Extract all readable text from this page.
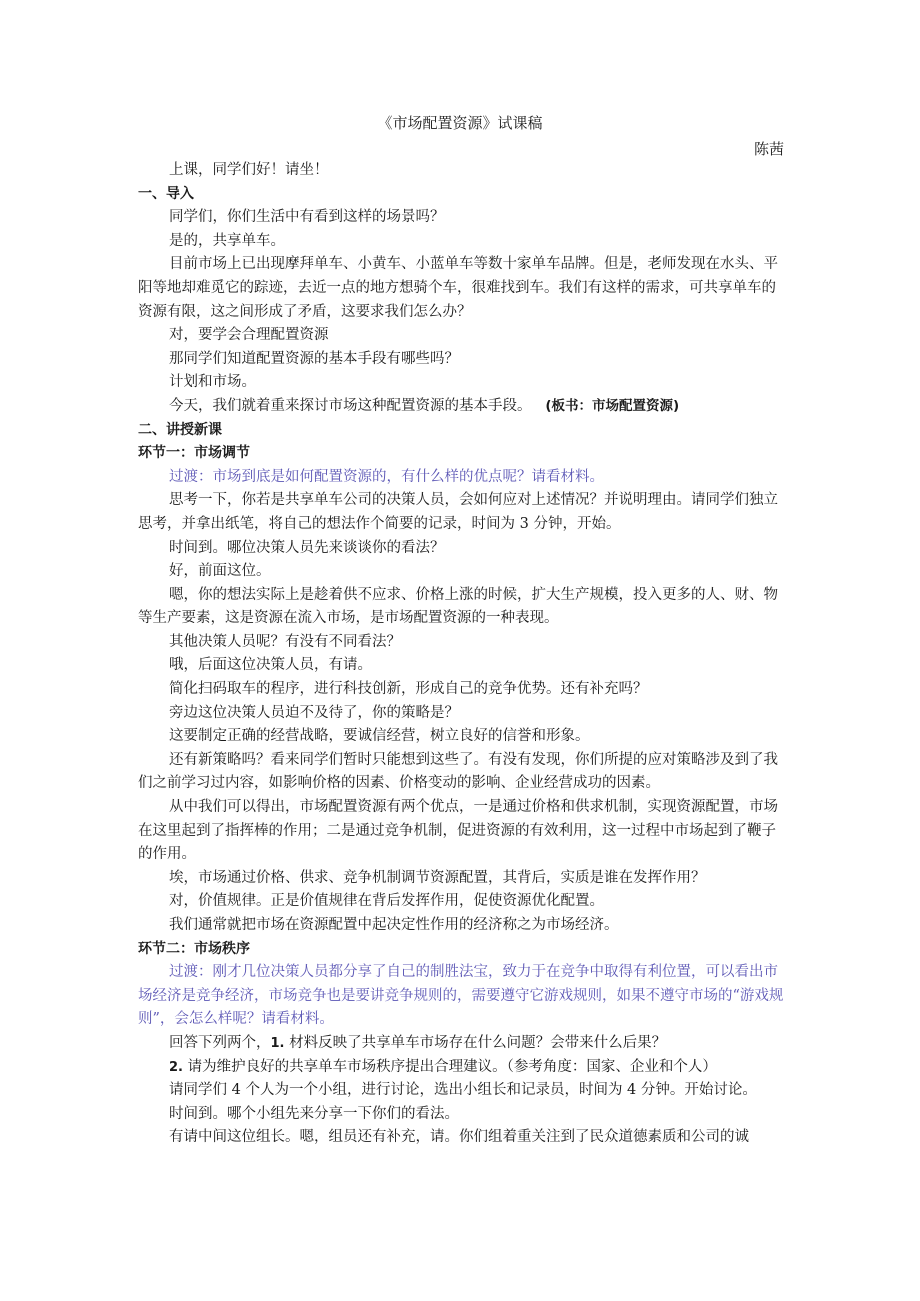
《市场配置资源》试课稿
陈茜

上课，同学们好！请坐！

一、导入

同学们，你们生活中有看到这样的场景吗？

是的，共享单车。

目前市场上已出现摩拜单车、小黄车、小蓝单车等数十家单车品牌。但是，老师发现在水头、平阳等地却难觅它的踪迹，去近一点的地方想骑个车，很难找到车。我们有这样的需求，可共享单车的资源有限，这之间形成了矛盾，这要求我们怎么办？

对，要学会合理配置资源

那同学们知道配置资源的基本手段有哪些吗？

计划和市场。

今天，我们就着重来探讨市场这种配置资源的基本手段。 (板书：市场配置资源)

二、讲授新课

环节一：市场调节

过渡：市场到底是如何配置资源的，有什么样的优点呢？请看材料。

思考一下，你若是共享单车公司的决策人员，会如何应对上述情况？并说明理由。请同学们独立思考，并拿出纸笔，将自己的想法作个简要的记录，时间为 3 分钟，开始。

时间到。哪位决策人员先来谈谈你的看法？

好，前面这位。

嗯，你的想法实际上是趁着供不应求、价格上涨的时候，扩大生产规模，投入更多的人、财、物等生产要素，这是资源在流入市场，是市场配置资源的一种表现。

其他决策人员呢？有没有不同看法？

哦，后面这位决策人员，有请。

简化扫码取车的程序，进行科技创新，形成自己的竞争优势。还有补充吗？

旁边这位决策人员迫不及待了，你的策略是？

这要制定正确的经营战略，要诚信经营，树立良好的信誉和形象。

还有新策略吗？看来同学们暂时只能想到这些了。有没有发现，你们所提的应对策略涉及到了我们之前学习过内容，如影响价格的因素、价格变动的影响、企业经营成功的因素。

从中我们可以得出，市场配置资源有两个优点，一是通过价格和供求机制，实现资源配置，市场在这里起到了指挥棒的作用；二是通过竞争机制，促进资源的有效利用，这一过程中市场起到了鞭子的作用。

埃，市场通过价格、供求、竞争机制调节资源配置，其背后，实质是谁在发挥作用？

对，价值规律。正是价值规律在背后发挥作用，促使资源优化配置。

我们通常就把市场在资源配置中起决定性作用的经济称之为市场经济。

环节二：市场秩序

过渡：刚才几位决策人员都分享了自己的制胜法宝，致力于在竞争中取得有利位置，可以看出市场经济是竞争经济，市场竞争也是要讲竞争规则的，需要遵守它游戏规则，如果不遵守市场的“游戏规则”，会怎么样呢？请看材料。

回答下列两个，1. 材料反映了共享单车市场存在什么问题？会带来什么后果？

2. 请为维护良好的共享单车市场秩序提出合理建议。（参考角度：国家、企业和个人）

请同学们 4 个人为一个小组，进行讨论，选出小组长和记录员，时间为 4 分钟。开始讨论。

时间到。哪个小组先来分享一下你们的看法。

有请中间这位组长。嗯，组员还有补充，请。你们组着重关注到了民众道德素质和公司的诚
